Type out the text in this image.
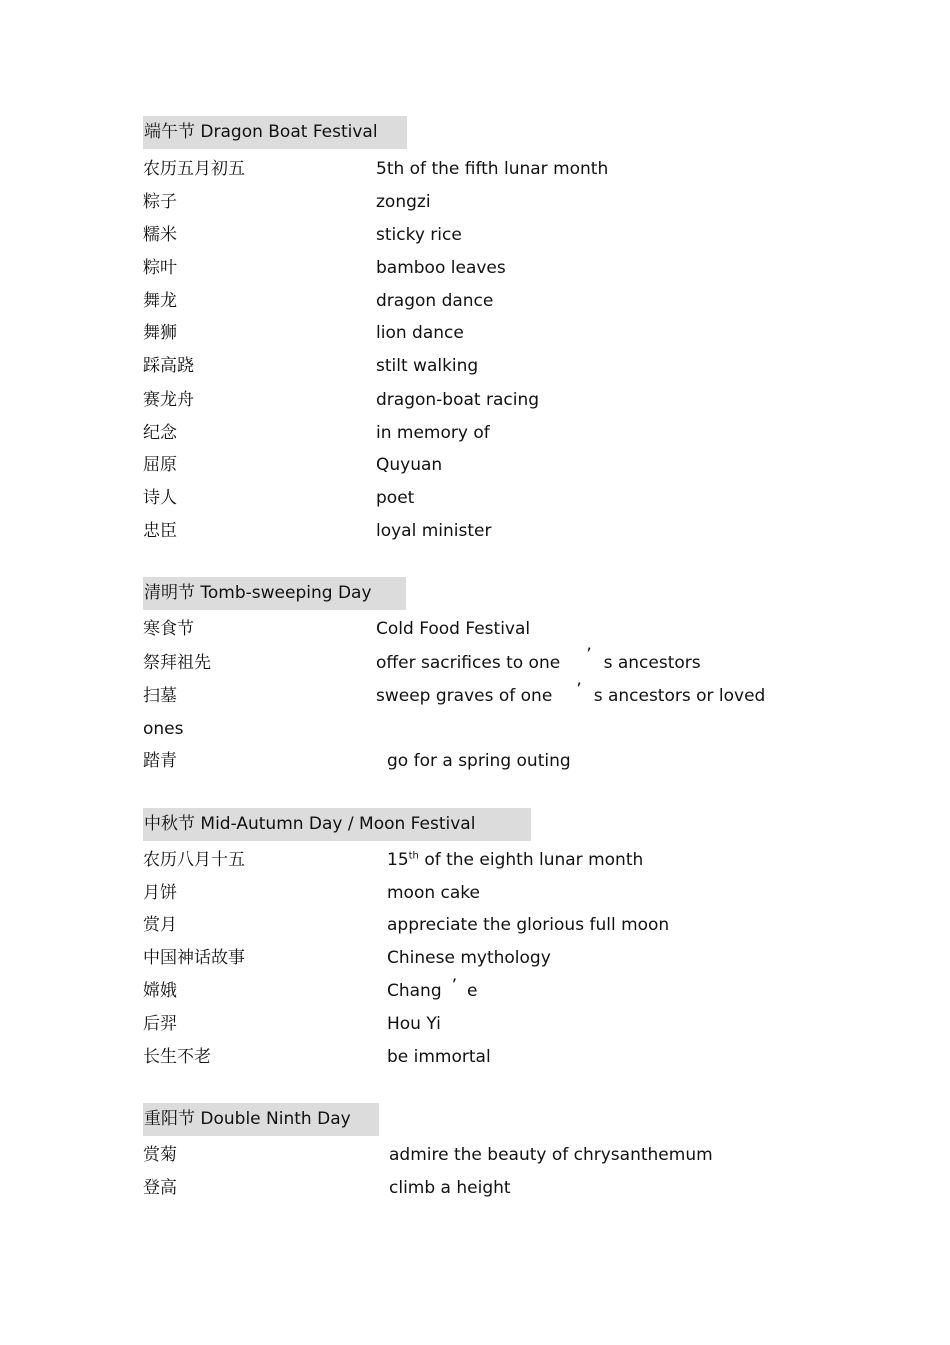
端午节 Dragon Boat Festival
农历五月初五	5th of the fifth lunar month
粽子	zongzi
糯米	sticky rice
粽叶	bamboo leaves
舞龙	dragon dance
舞狮	lion dance
踩高跷	stilt walking
赛龙舟	dragon-boat racing
纪念	in memory of
屈原	Quyuan
诗人	poet
忠臣	loyal minister
清明节 Tomb-sweeping Day
寒食节	Cold Food Festival
祭拜祖先	offer sacrifices to one ’ s ancestors
扫墓	sweep graves of one ’ s ancestors or loved
ones
踏青	go for a spring outing
中秋节 Mid-Autumn Day / Moon Festival
农历八月十五	15th of the eighth lunar month
月饼	moon cake
赏月	appreciate the glorious full moon
中国神话故事	Chinese mythology
嫦娥	Chang ’ e
后羿	Hou Yi
长生不老	be immortal
重阳节 Double Ninth Day
赏菊	admire the beauty of chrysanthemum
登高	climb a height
